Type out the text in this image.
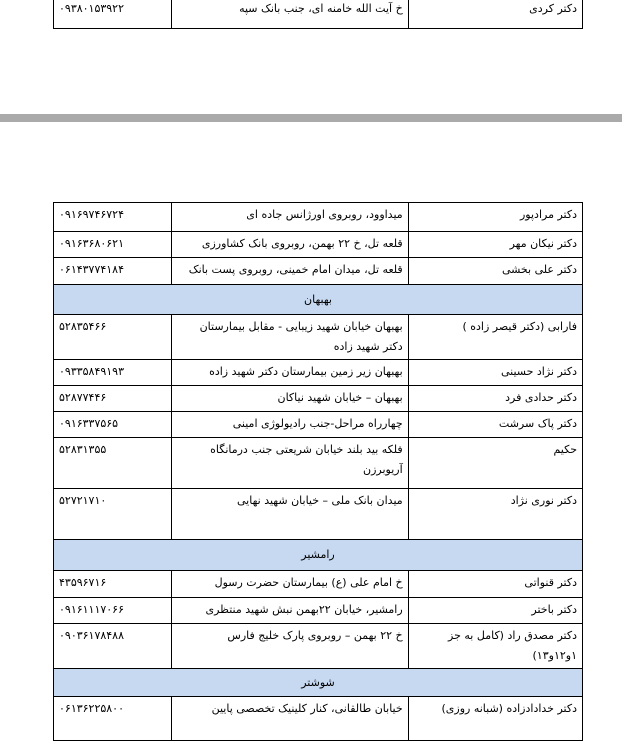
دکتر کردی	خ آیت الله خامنه ای، جنب بانک سپه	۰۹۳۸۰۱۵۳۹۲۲
دکتر مرادپور	میداوود، روبروی اورژانس جاده ای	۰۹۱۶۹۷۴۶۷۲۴
دکتر نیکان مهر	قلعه تل، خ ۲۲ بهمن، روبروی بانک کشاورزی	۰۹۱۶۳۶۸۰۶۲۱
دکتر علی بخشی	قلعه تل، میدان امام خمینی، روبروی پست بانک	۰۶۱۴۳۷۷۴۱۸۴
بهبهان		
فارابی (دکتر قیصر زاده )	بهبهان خیابان شهید زیبایی - مقابل بیمارستان دکتر شهید زاده	۵۲۸۳۵۴۶۶
دکتر نژاد حسینی	بهبهان زیر زمین بیمارستان دکتر شهید زاده	۰۹۳۳۵۸۴۹۱۹۳
دکتر حدادی فرد	بهبهان – خیابان شهید نیاکان	۵۲۸۷۷۴۴۶
دکتر پاک سرشت	چهارراه مراحل-جنب رادیولوژی امینی	۰۹۱۶۳۳۷۵۶۵
حکیم	فلکه بید بلند خیابان شریعتی جنب درمانگاه آریوبرزن	۵۲۸۳۱۳۵۵
دکتر نوری نژاد	میدان بانک ملی – خیابان شهید نهایی	۵۲۷۲۱۷۱۰
رامشیر		
دکتر قنواتی	خ امام علی (ع) بیمارستان حضرت رسول	۴۳۵۹۶۷۱۶
دکتر باختر	رامشیر، خیابان ۲۲بهمن نبش شهید منتظری	۰۹۱۶۱۱۱۷۰۶۶
دکتر مصدق راد (کامل به جز ۱و۱۲و۱۳)	خ ۲۲ بهمن – روبروی پارک خلیج فارس	۰۹۰۳۶۱۷۸۴۸۸
شوشتر		
دکتر خدادادزاده (شبانه روزی)	خیابان طالقانی، کنار کلینیک تخصصی پایین	۰۶۱۳۶۲۲۵۸۰۰
